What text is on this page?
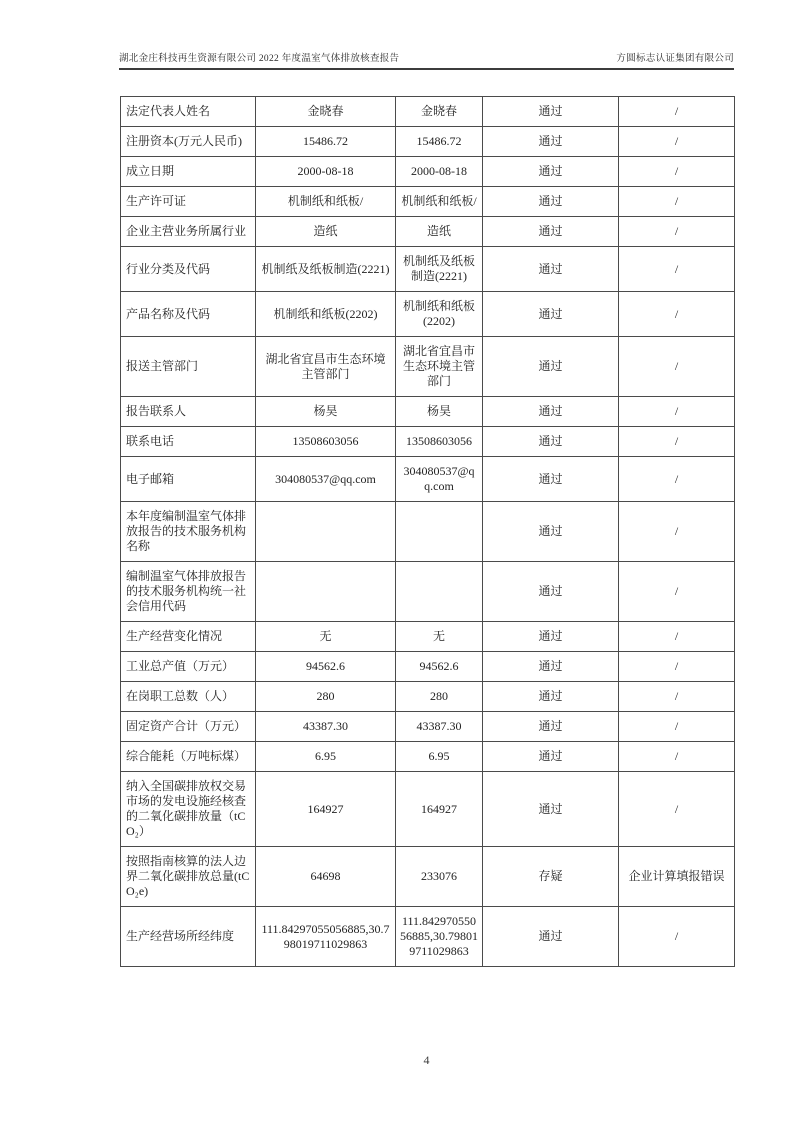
湖北金庄科技再生资源有限公司 2022 年度温室气体排放核查报告	方圆标志认证集团有限公司
法定代表人姓名	金晓春	金晓春	通过	/
注册资本(万元人民币)	15486.72	15486.72	通过	/
成立日期	2000-08-18	2000-08-18	通过	/
生产许可证	机制纸和纸板/	机制纸和纸板/	通过	/
企业主营业务所属行业	造纸	造纸	通过	/
行业分类及代码	机制纸及纸板制造(2221)	机制纸及纸板制造(2221)	通过	/
产品名称及代码	机制纸和纸板(2202)	机制纸和纸板(2202)	通过	/
报送主管部门	湖北省宜昌市生态环境主管部门	湖北省宜昌市生态环境主管部门	通过	/
报告联系人	杨昊	杨昊	通过	/
联系电话	13508603056	13508603056	通过	/
电子邮箱	304080537@qq.com	304080537@qq.com	通过	/
本年度编制温室气体排放报告的技术服务机构名称			通过	/
编制温室气体排放报告的技术服务机构统一社会信用代码			通过	/
生产经营变化情况	无	无	通过	/
工业总产值（万元）	94562.6	94562.6	通过	/
在岗职工总数（人）	280	280	通过	/
固定资产合计（万元）	43387.30	43387.30	通过	/
综合能耗（万吨标煤）	6.95	6.95	通过	/
纳入全国碳排放权交易市场的发电设施经核查的二氧化碳排放量（tCO₂）	164927	164927	通过	/
按照指南核算的法人边界二氧化碳排放总量(tCO₂e)	64698	233076	存疑	企业计算填报错误
生产经营场所经纬度	111.84297055056885,30.798019711029863	111.84297055056885,30.798019711029863	通过	/
4
